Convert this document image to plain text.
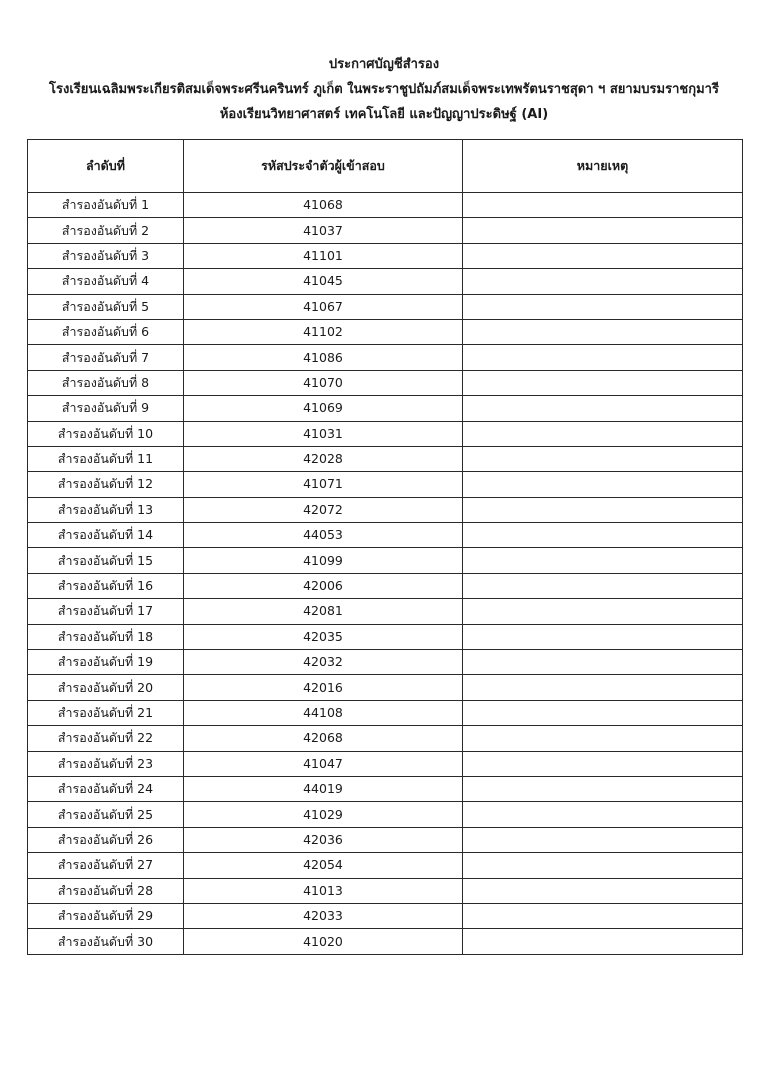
ประกาศบัญชีสำรอง
โรงเรียนเฉลิมพระเกียรติสมเด็จพระศรีนครินทร์ ภูเก็ต ในพระราชูปถัมภ์สมเด็จพระเทพรัตนราชสุดา ฯ สยามบรมราชกุมารี
ห้องเรียนวิทยาศาสตร์ เทคโนโลยี และปัญญาประดิษฐ์ (AI)
ลำดับที่	รหัสประจำตัวผู้เข้าสอบ	หมายเหตุ
สำรองอันดับที่ 1	41068	
สำรองอันดับที่ 2	41037	
สำรองอันดับที่ 3	41101	
สำรองอันดับที่ 4	41045	
สำรองอันดับที่ 5	41067	
สำรองอันดับที่ 6	41102	
สำรองอันดับที่ 7	41086	
สำรองอันดับที่ 8	41070	
สำรองอันดับที่ 9	41069	
สำรองอันดับที่ 10	41031	
สำรองอันดับที่ 11	42028	
สำรองอันดับที่ 12	41071	
สำรองอันดับที่ 13	42072	
สำรองอันดับที่ 14	44053	
สำรองอันดับที่ 15	41099	
สำรองอันดับที่ 16	42006	
สำรองอันดับที่ 17	42081	
สำรองอันดับที่ 18	42035	
สำรองอันดับที่ 19	42032	
สำรองอันดับที่ 20	42016	
สำรองอันดับที่ 21	44108	
สำรองอันดับที่ 22	42068	
สำรองอันดับที่ 23	41047	
สำรองอันดับที่ 24	44019	
สำรองอันดับที่ 25	41029	
สำรองอันดับที่ 26	42036	
สำรองอันดับที่ 27	42054	
สำรองอันดับที่ 28	41013	
สำรองอันดับที่ 29	42033	
สำรองอันดับที่ 30	41020	
